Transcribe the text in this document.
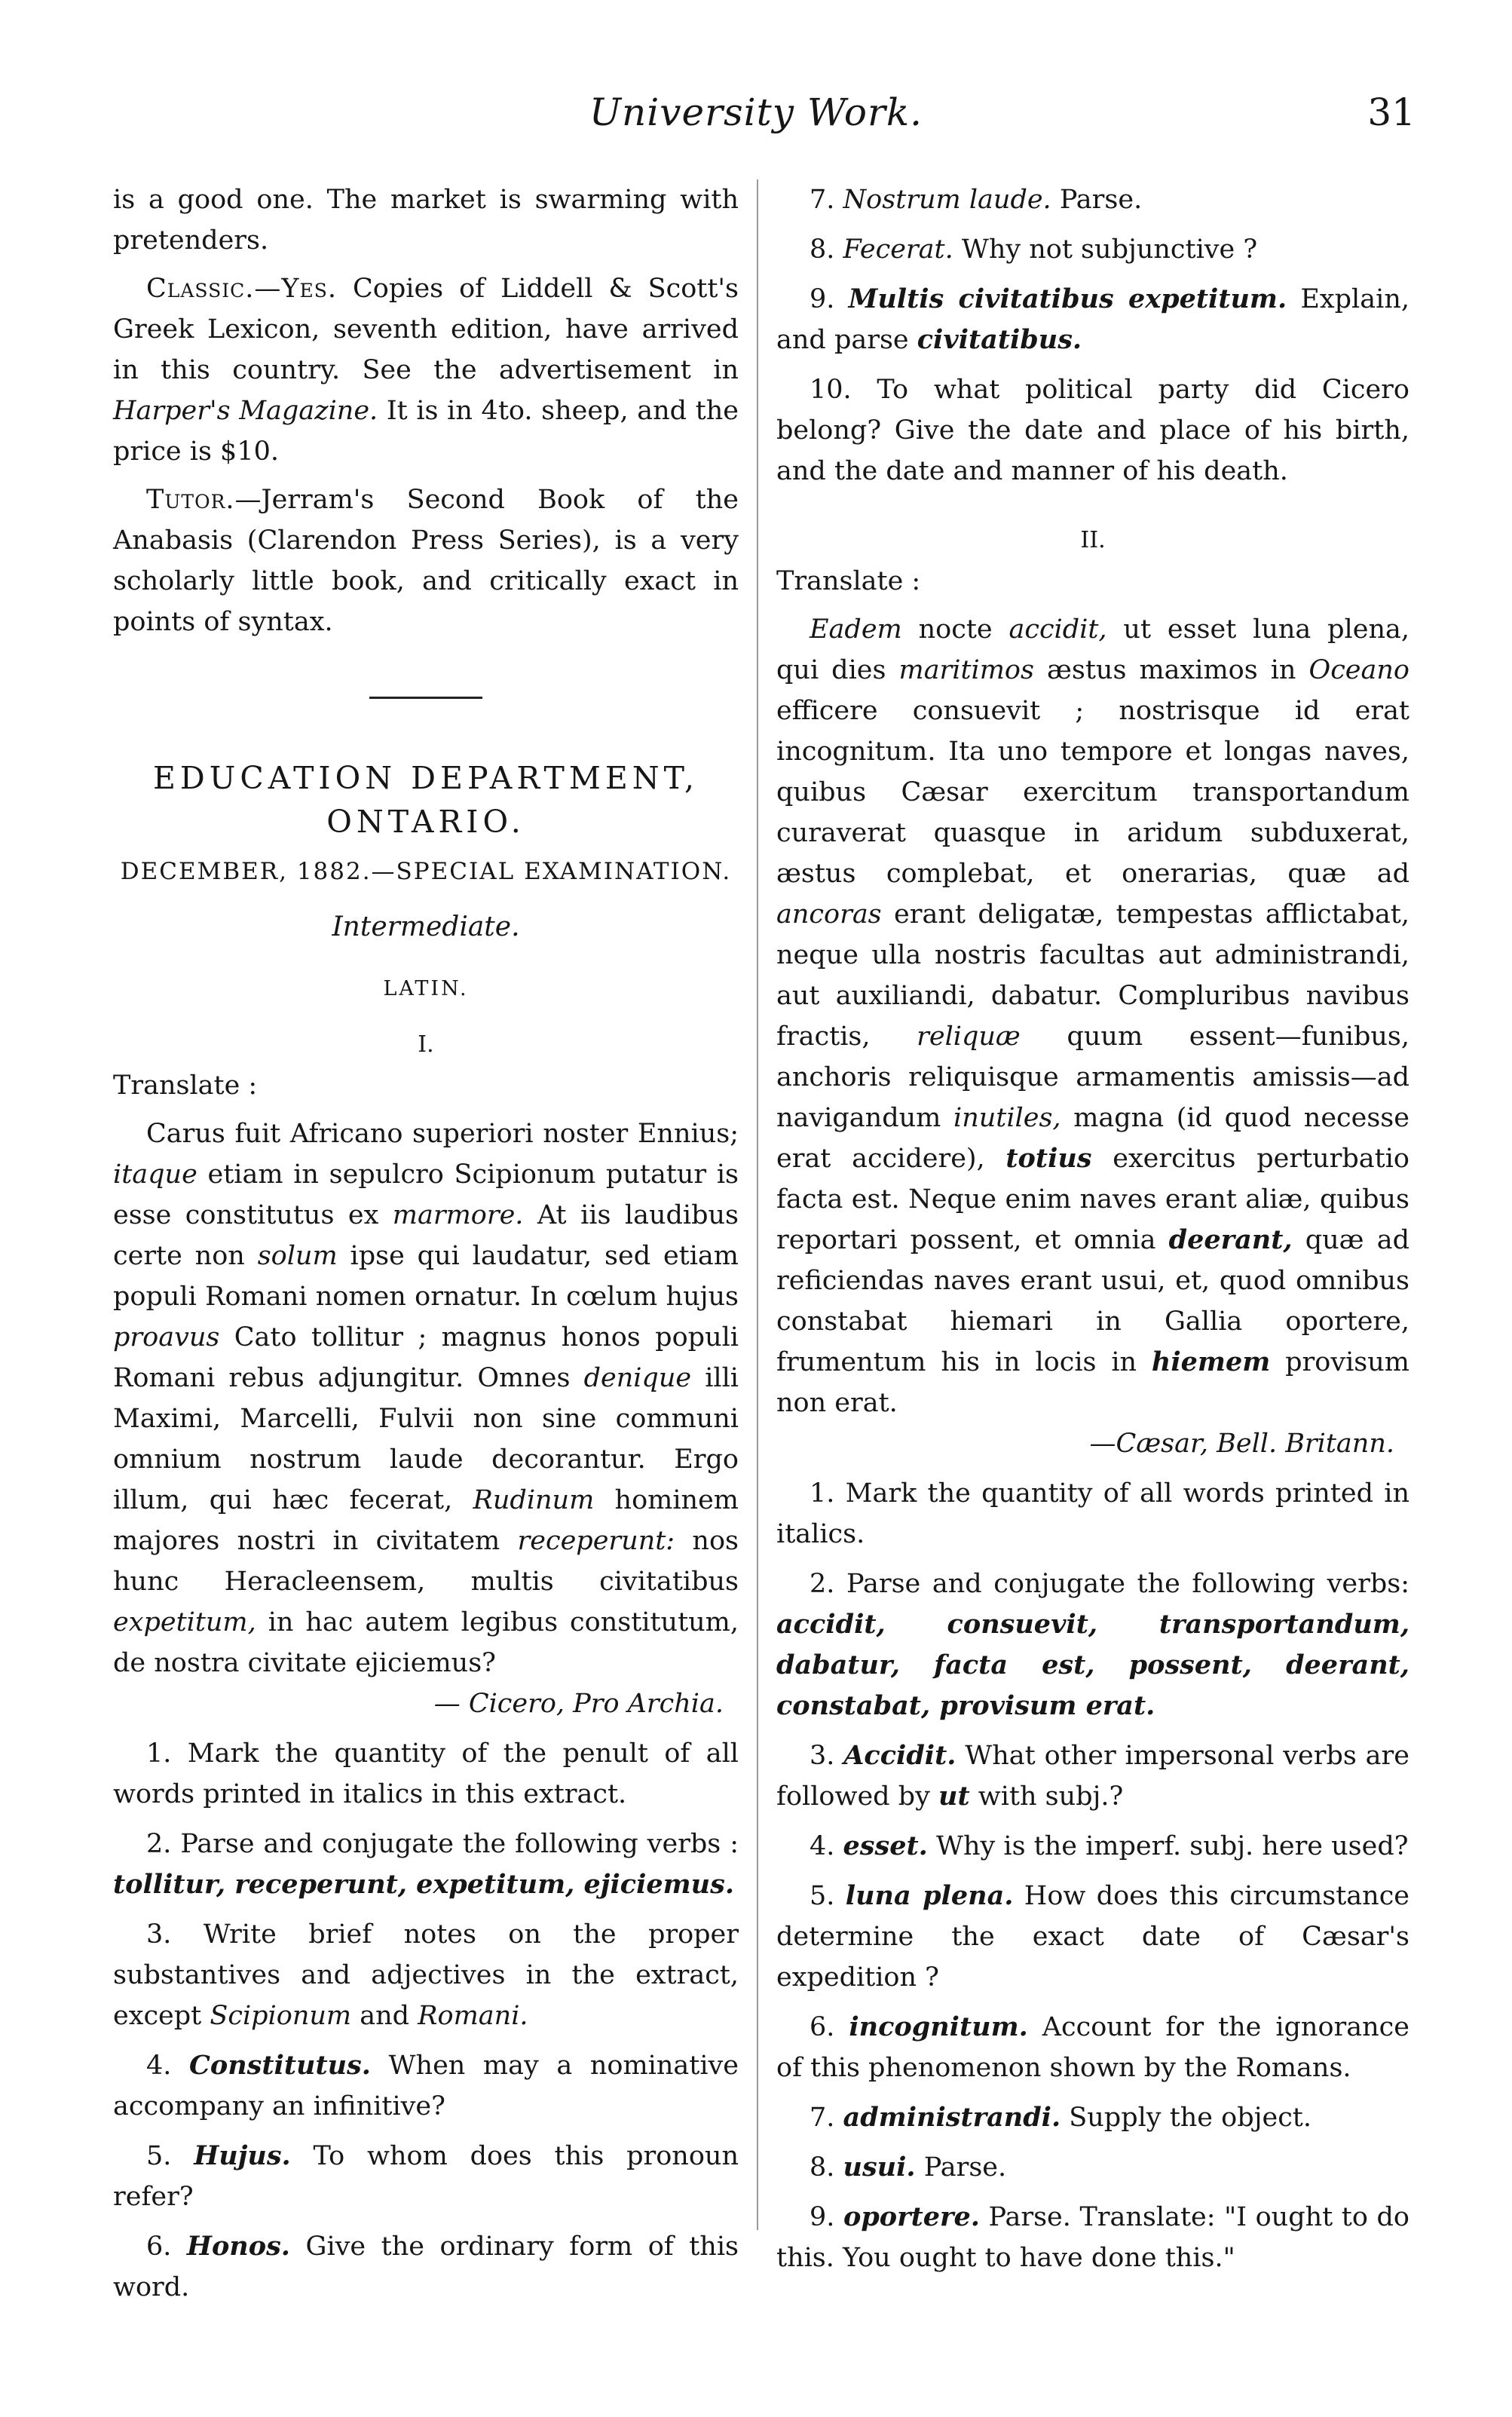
University Work.	31

is a good one. The market is swarming with pretenders.

Classic.—Yes. Copies of Liddell & Scott's Greek Lexicon, seventh edition, have arrived in this country. See the advertisement in Harper's Magazine. It is in 4to. sheep, and the price is $10.

Tutor.—Jerram's Second Book of the Anabasis (Clarendon Press Series), is a very scholarly little book, and critically exact in points of syntax.

EDUCATION DEPARTMENT,
ONTARIO.
DECEMBER, 1882.—SPECIAL EXAMINATION.
Intermediate.
LATIN.
I.

Translate :

Carus fuit Africano superiori noster Ennius; itaque etiam in sepulcro Scipionum putatur is esse constitutus ex marmore. At iis laudibus certe non solum ipse qui laudatur, sed etiam populi Romani nomen ornatur. In cœlum hujus proavus Cato tollitur ; magnus honos populi Romani rebus adjungitur. Omnes denique illi Maximi, Marcelli, Fulvii non sine communi omnium nostrum laude decorantur. Ergo illum, qui hæc fecerat, Rudinum hominem majores nostri in civitatem receperunt: nos hunc Heracleensem, multis civitatibus expetitum, in hac autem legibus constitutum, de nostra civitate ejiciemus?

— Cicero, Pro Archia.

1. Mark the quantity of the penult of all words printed in italics in this extract.

2. Parse and conjugate the following verbs : tollitur, receperunt, expetitum, ejiciemus.

3. Write brief notes on the proper substantives and adjectives in the extract, except Scipionum and Romani.

4. Constitutus. When may a nominative accompany an infinitive?

5. Hujus. To whom does this pronoun refer?

6. Honos. Give the ordinary form of this word.

7. Nostrum laude. Parse.

8. Fecerat. Why not subjunctive ?

9. Multis civitatibus expetitum. Explain, and parse civitatibus.

10. To what political party did Cicero belong? Give the date and place of his birth, and the date and manner of his death.

II.

Translate :

Eadem nocte accidit, ut esset luna plena, qui dies maritimos æstus maximos in Oceano efficere consuevit ; nostrisque id erat incognitum. Ita uno tempore et longas naves, quibus Cæsar exercitum transportandum curaverat quasque in aridum subduxerat, æstus complebat, et onerarias, quæ ad ancoras erant deligatæ, tempestas afflictabat, neque ulla nostris facultas aut administrandi, aut auxiliandi, dabatur. Compluribus navibus fractis, reliquæ quum essent—funibus, anchoris reliquisque armamentis amissis—ad navigandum inutiles, magna (id quod necesse erat accidere), totius exercitus perturbatio facta est. Neque enim naves erant aliæ, quibus reportari possent, et omnia deerant, quæ ad reficiendas naves erant usui, et, quod omnibus constabat hiemari in Gallia oportere, frumentum his in locis in hiemem provisum non erat.

—Cæsar, Bell. Britann.

1. Mark the quantity of all words printed in italics.

2. Parse and conjugate the following verbs: accidit, consuevit, transportandum, dabatur, facta est, possent, deerant, constabat, provisum erat.

3. Accidit. What other impersonal verbs are followed by ut with subj.?

4. esset. Why is the imperf. subj. here used?

5. luna plena. How does this circumstance determine the exact date of Cæsar's expedition ?

6. incognitum. Account for the ignorance of this phenomenon shown by the Romans.

7. administrandi. Supply the object.

8. usui. Parse.

9. oportere. Parse. Translate: "I ought to do this. You ought to have done this."
